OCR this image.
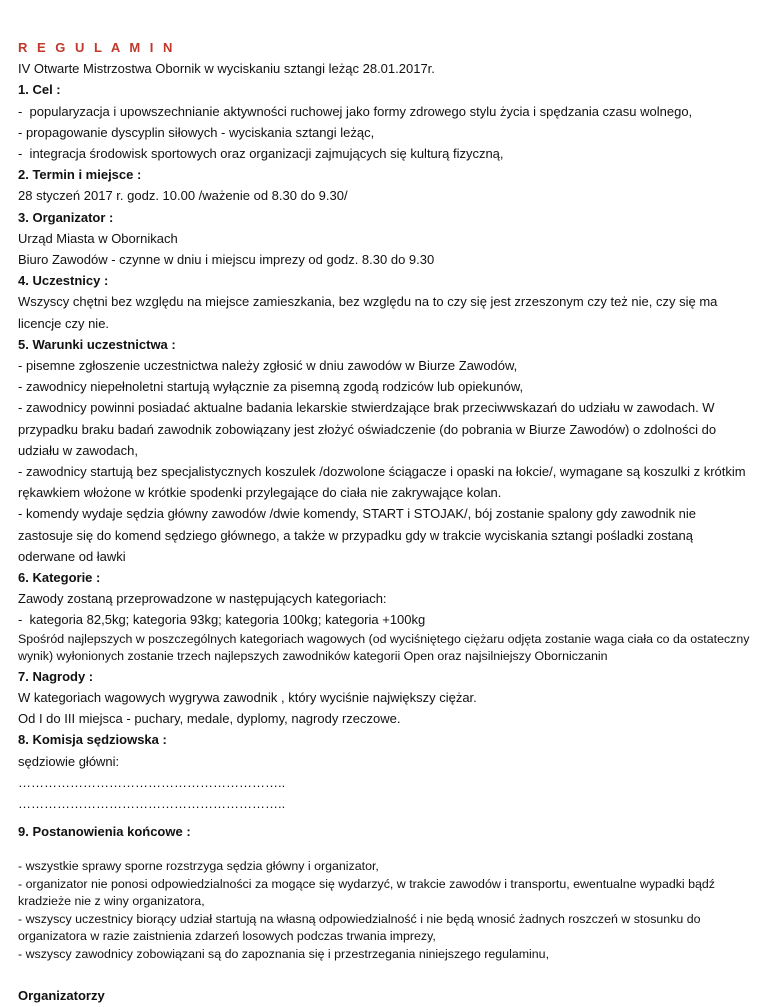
R E G U L A M I N
IV Otwarte Mistrzostwa Obornik w wyciskaniu sztangi leżąc 28.01.2017r.
1. Cel :
-  popularyzacja i upowszechnianie aktywności ruchowej jako formy zdrowego stylu życia i spędzania czasu wolnego,
- propagowanie dyscyplin siłowych - wyciskania sztangi leżąc,
-  integracja środowisk sportowych oraz organizacji zajmujących się kulturą fizyczną,
2. Termin i miejsce :
28 styczeń 2017 r. godz. 10.00 /ważenie od 8.30 do 9.30/
3. Organizator :
Urząd Miasta w Obornikach
Biuro Zawodów - czynne w dniu i miejscu imprezy od godz. 8.30 do 9.30
4. Uczestnicy :
Wszyscy chętni bez względu na miejsce zamieszkania, bez względu na to czy się jest zrzeszonym czy też nie, czy się ma licencje czy nie.
5. Warunki uczestnictwa :
- pisemne zgłoszenie uczestnictwa należy zgłosić w dniu zawodów w Biurze Zawodów,
- zawodnicy niepełnoletni startują wyłącznie za pisemną zgodą rodziców lub opiekunów,
- zawodnicy powinni posiadać aktualne badania lekarskie stwierdzające brak przeciwwskazań do udziału w zawodach. W przypadku braku badań zawodnik zobowiązany jest złożyć oświadczenie (do pobrania w Biurze Zawodów) o zdolności do udziału w zawodach,
- zawodnicy startują bez specjalistycznych koszulek /dozwolone ściągacze i opaski na łokcie/, wymagane są koszulki z krótkim rękawkiem włożone w krótkie spodenki przylegające do ciała nie zakrywające kolan.
- komendy wydaje sędzia główny zawodów /dwie komendy, START i STOJAK/, bój zostanie spalony gdy zawodnik nie zastosuje się do komend sędziego głównego, a także w przypadku gdy w trakcie wyciskania sztangi pośladki zostaną oderwane od ławki
6. Kategorie :
Zawody zostaną przeprowadzone w następujących kategoriach:
-  kategoria 82,5kg; kategoria 93kg; kategoria 100kg; kategoria +100kg
Spośród najlepszych w poszczególnych kategoriach wagowych (od wyciśniętego ciężaru odjęta zostanie waga ciała co da ostateczny wynik) wyłonionych zostanie trzech najlepszych zawodników kategorii Open oraz najsilniejszy Oborniczanin
7. Nagrody :
W kategoriach wagowych wygrywa zawodnik , który wyciśnie największy ciężar.
Od I do III miejsca - puchary, medale, dyplomy, nagrody rzeczowe.
8. Komisja sędziowska :
sędziowie główni:
……………………………………………………..
……………………………………………………..
9. Postanowienia końcowe :
- wszystkie sprawy sporne rozstrzyga sędzia główny i organizator,
- organizator nie ponosi odpowiedzialności za mogące się wydarzyć, w trakcie zawodów i transportu, ewentualne wypadki bądź kradzieże nie z winy organizatora,
- wszyscy uczestnicy biorący udział startują na własną odpowiedzialność i nie będą wnosić żadnych roszczeń w stosunku do organizatora w razie zaistnienia zdarzeń losowych podczas trwania imprezy,
- wszyscy zawodnicy zobowiązani są do zapoznania się i przestrzegania niniejszego regulaminu,
Organizatorzy
